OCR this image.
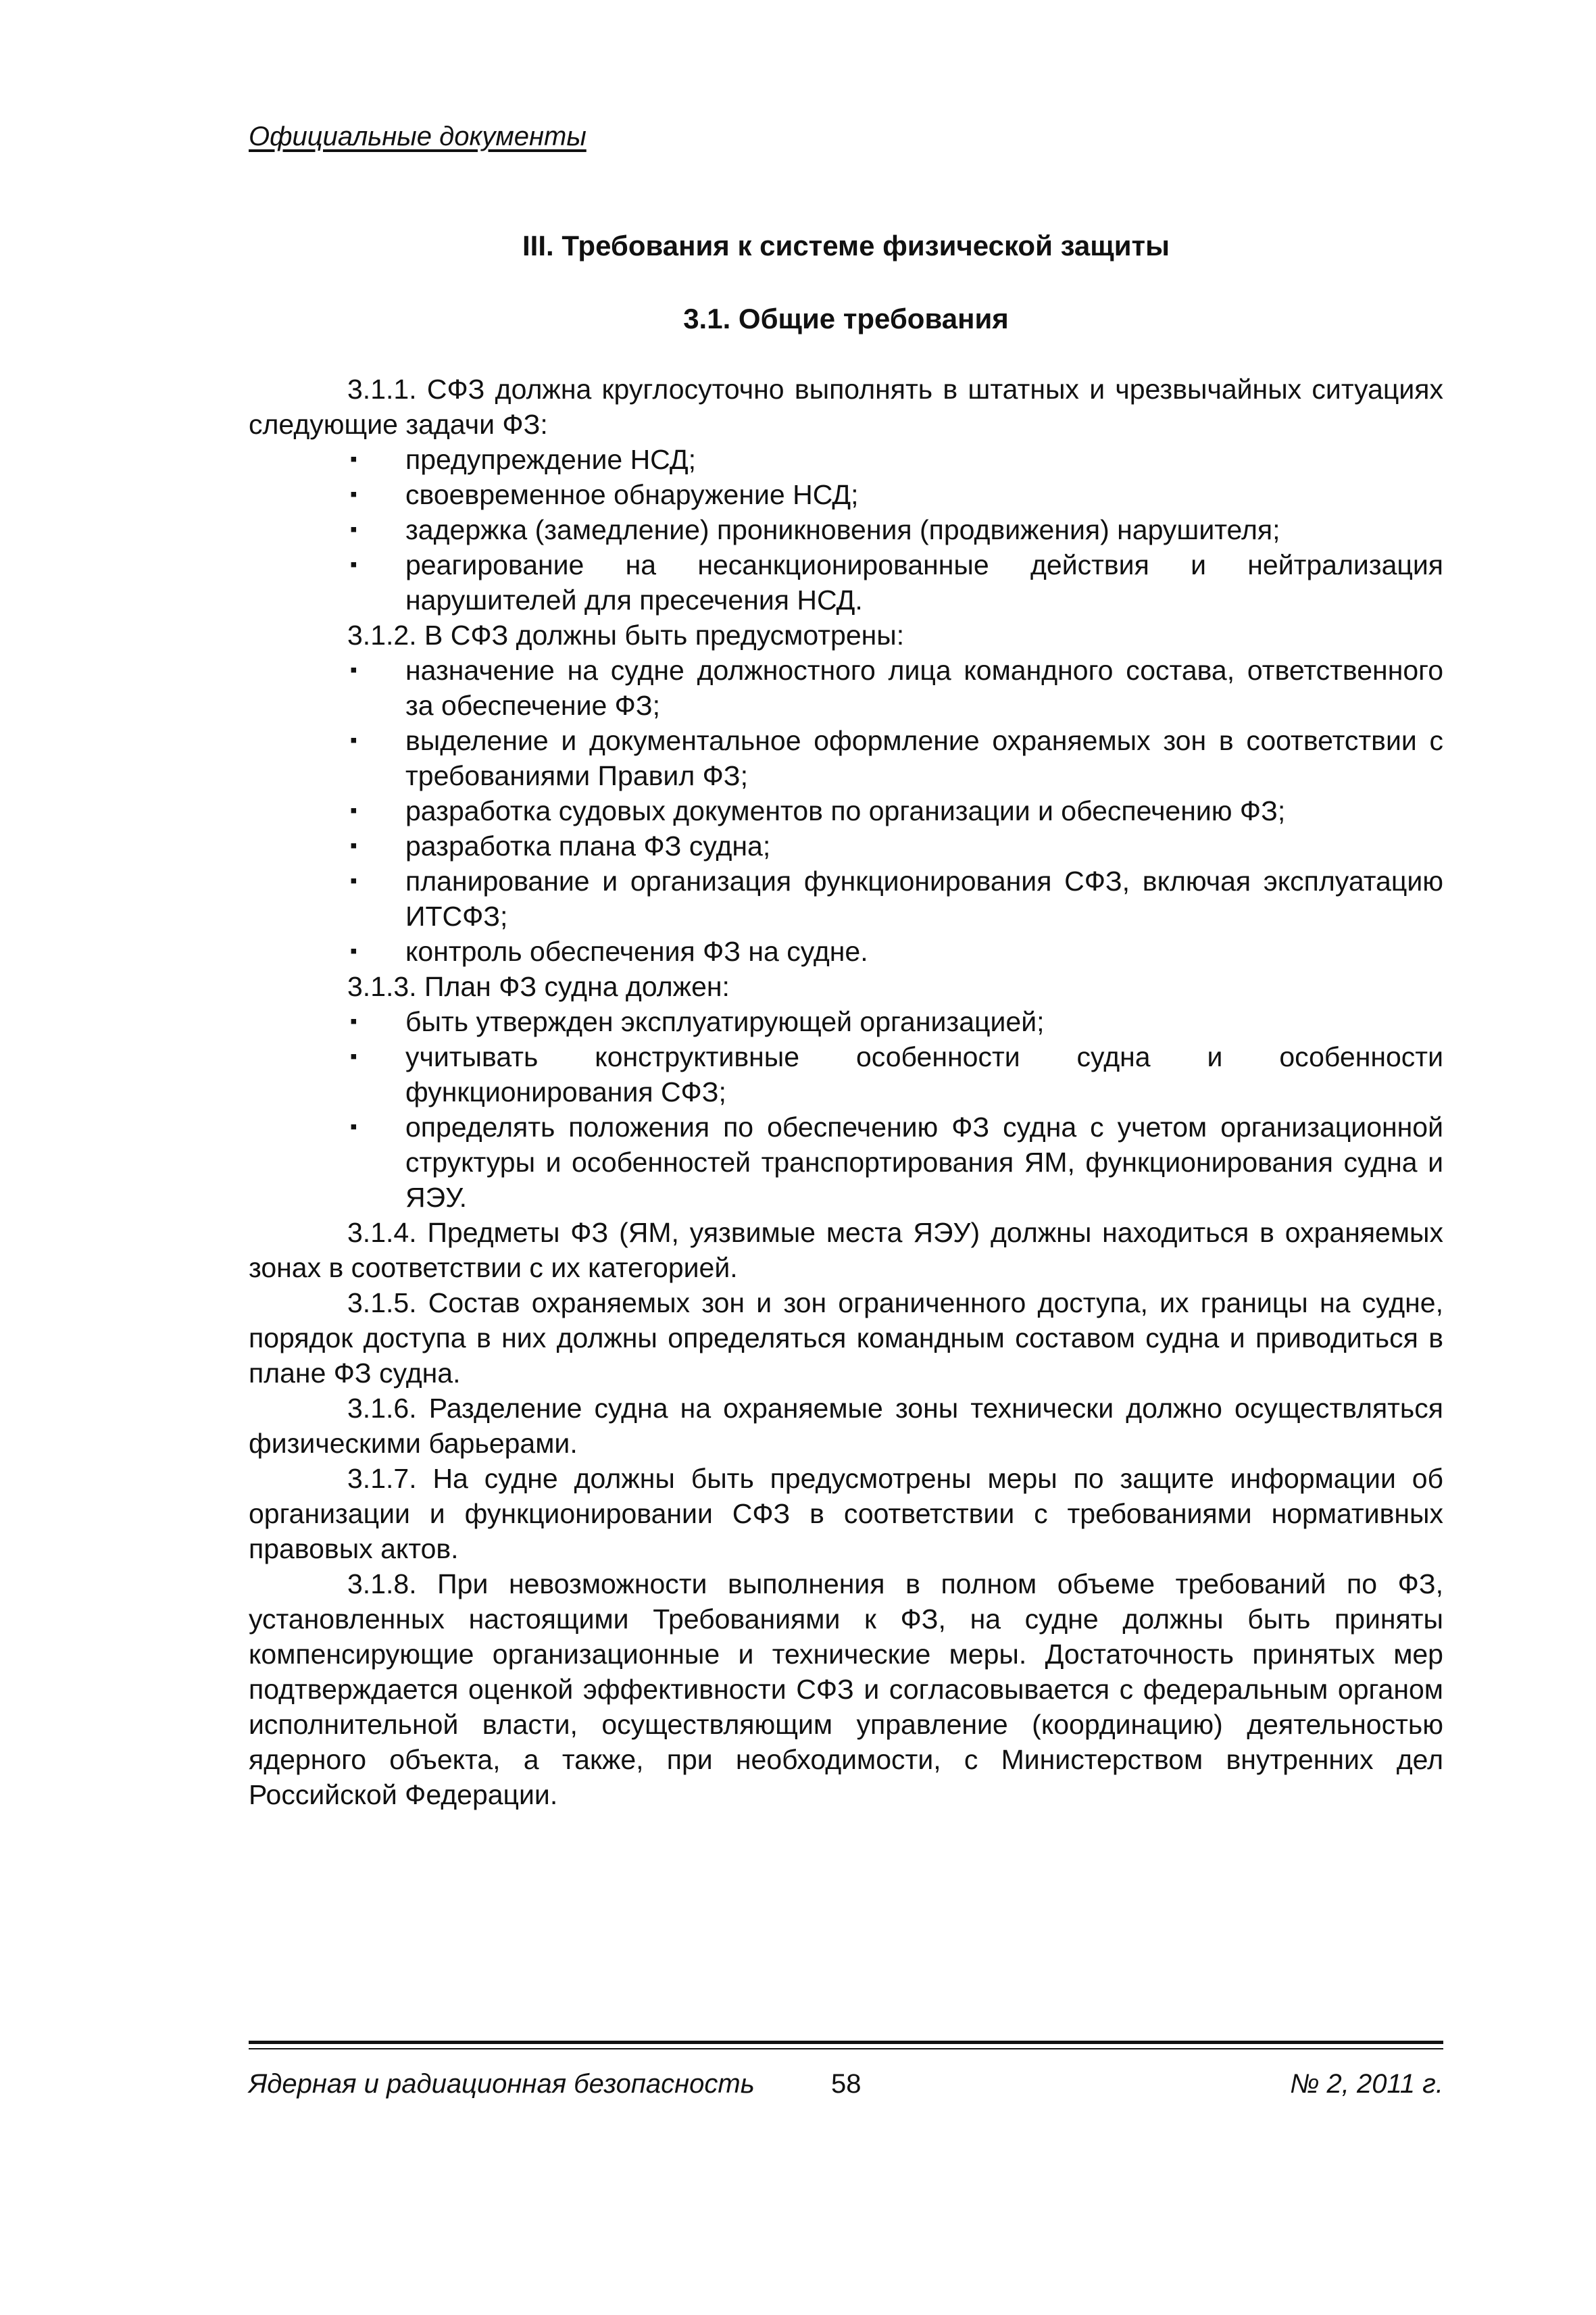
Официальные документы
III. Требования к системе физической защиты
3.1. Общие требования

3.1.1. СФЗ должна круглосуточно выполнять в штатных и чрезвычайных ситуациях следующие задачи ФЗ:

▪ предупреждение НСД;
▪ своевременное обнаружение НСД;
▪ задержка (замедление) проникновения (продвижения) нарушителя;
▪ реагирование на несанкционированные действия и нейтрализация нарушителей для пресечения НСД.

3.1.2. В СФЗ должны быть предусмотрены:

▪ назначение на судне должностного лица командного состава, ответственного за обеспечение ФЗ;
▪ выделение и документальное оформление охраняемых зон в соответствии с требованиями Правил ФЗ;
▪ разработка судовых документов по организации и обеспечению ФЗ;
▪ разработка плана ФЗ судна;
▪ планирование и организация функционирования СФЗ, включая эксплуатацию ИТСФЗ;
▪ контроль обеспечения ФЗ на судне.

3.1.3. План ФЗ судна должен:

▪ быть утвержден эксплуатирующей организацией;
▪ учитывать конструктивные особенности судна и особенности функционирования СФЗ;
▪ определять положения по обеспечению ФЗ судна с учетом организационной структуры и особенностей транспортирования ЯМ, функционирования судна и ЯЭУ.

3.1.4. Предметы ФЗ (ЯМ, уязвимые места ЯЭУ) должны находиться в охраняемых зонах в соответствии с их категорией.

3.1.5. Состав охраняемых зон и зон ограниченного доступа, их границы на судне, порядок доступа в них должны определяться командным составом судна и приводиться в плане ФЗ судна.

3.1.6. Разделение судна на охраняемые зоны технически должно осуществляться физическими барьерами.

3.1.7. На судне должны быть предусмотрены меры по защите информации об организации и функционировании СФЗ в соответствии с требованиями нормативных правовых актов.

3.1.8. При невозможности выполнения в полном объеме требований по ФЗ, установленных настоящими Требованиями к ФЗ, на судне должны быть приняты компенсирующие организационные и технические меры. Достаточность принятых мер подтверждается оценкой эффективности СФЗ и согласовывается с федеральным органом исполнительной власти, осуществляющим управление (координацию) деятельностью ядерного объекта, а также, при необходимости, с Министерством внутренних дел Российской Федерации.

Ядерная и радиационная безопасность	58	№ 2, 2011 г.
